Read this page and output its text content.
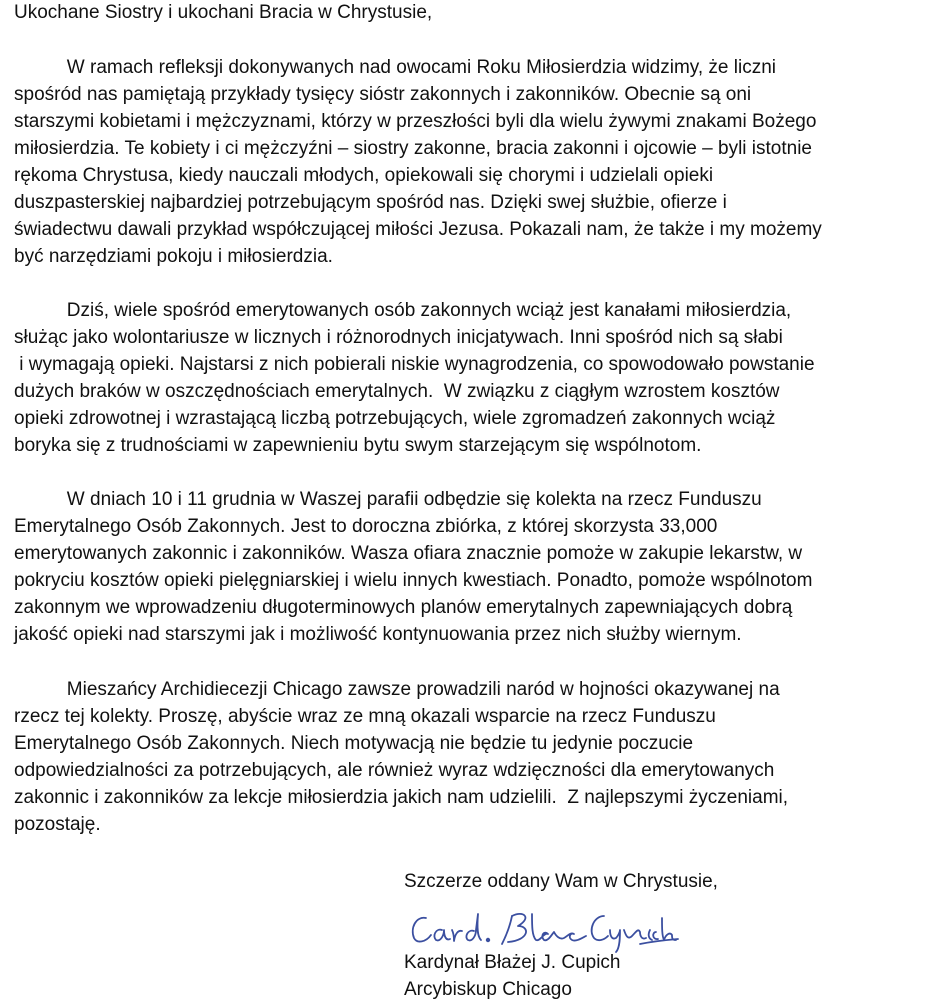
Ukochane Siostry i ukochani Bracia w Chrystusie,
W ramach refleksji dokonywanych nad owocami Roku Miłosierdzia widzimy, że liczni
spośród nas pamiętają przykłady tysięcy sióstr zakonnych i zakonników. Obecnie są oni
starszymi kobietami i mężczyznami, którzy w przeszłości byli dla wielu żywymi znakami Bożego
miłosierdzia. Te kobiety i ci mężczyźni – siostry zakonne, bracia zakonni i ojcowie – byli istotnie
rękoma Chrystusa, kiedy nauczali młodych, opiekowali się chorymi i udzielali opieki
duszpasterskiej najbardziej potrzebującym spośród nas. Dzięki swej służbie, ofierze i
świadectwu dawali przykład współczującej miłości Jezusa. Pokazali nam, że także i my możemy
być narzędziami pokoju i miłosierdzia.
Dziś, wiele spośród emerytowanych osób zakonnych wciąż jest kanałami miłosierdzia,
służąc jako wolontariusze w licznych i różnorodnych inicjatywach. Inni spośród nich są słabi
i wymagają opieki. Najstarsi z nich pobierali niskie wynagrodzenia, co spowodowało powstanie
dużych braków w oszczędnościach emerytalnych.  W związku z ciągłym wzrostem kosztów
opieki zdrowotnej i wzrastającą liczbą potrzebujących, wiele zgromadzeń zakonnych wciąż
boryka się z trudnościami w zapewnieniu bytu swym starzejącym się wspólnotom.
W dniach 10 i 11 grudnia w Waszej parafii odbędzie się kolekta na rzecz Funduszu
Emerytalnego Osób Zakonnych. Jest to doroczna zbiórka, z której skorzysta 33,000
emerytowanych zakonnic i zakonników. Wasza ofiara znacznie pomoże w zakupie lekarstw, w
pokryciu kosztów opieki pielęgniarskiej i wielu innych kwestiach. Ponadto, pomoże wspólnotom
zakonnym we wprowadzeniu długoterminowych planów emerytalnych zapewniających dobrą
jakość opieki nad starszymi jak i możliwość kontynuowania przez nich służby wiernym.
Mieszańcy Archidiecezji Chicago zawsze prowadzili naród w hojności okazywanej na
rzecz tej kolekty. Proszę, abyście wraz ze mną okazali wsparcie na rzecz Funduszu
Emerytalnego Osób Zakonnych. Niech motywacją nie będzie tu jedynie poczucie
odpowiedzialności za potrzebujących, ale również wyraz wdzięczności dla emerytowanych
zakonnic i zakonników za lekcje miłosierdzia jakich nam udzielili.  Z najlepszymi życzeniami,
pozostaję.
Szczerze oddany Wam w Chrystusie,
Kardynał Błażej J. Cupich
Arcybiskup Chicago
